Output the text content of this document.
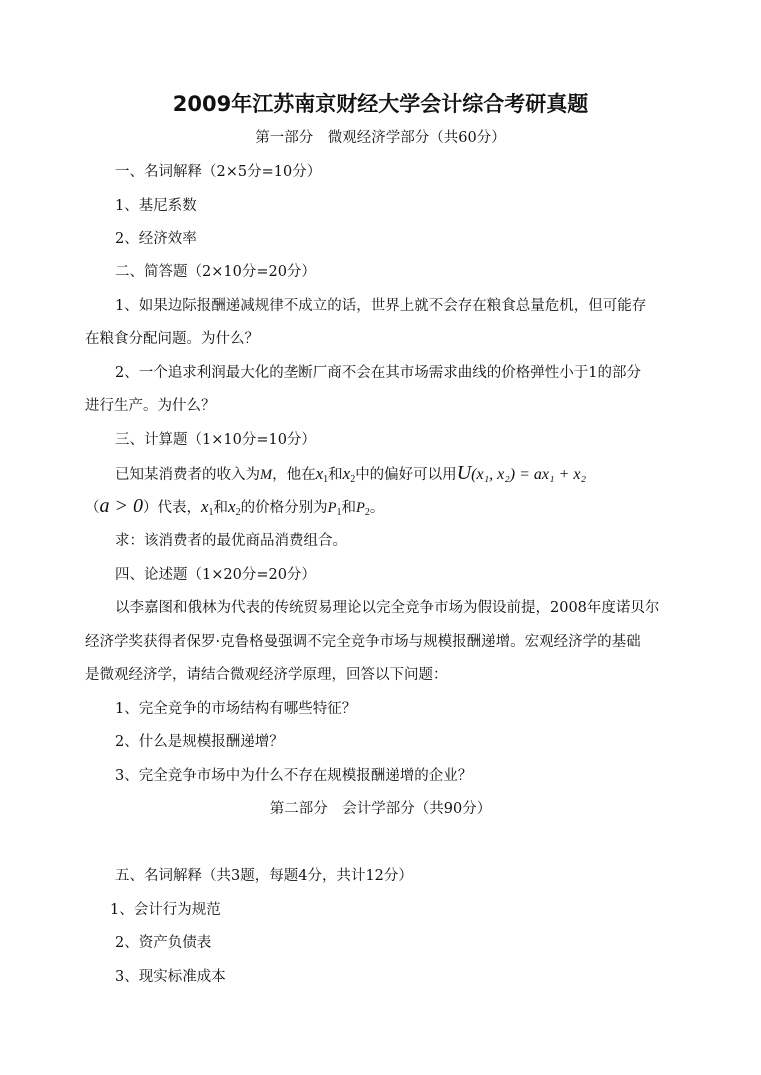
2009年江苏南京财经大学会计综合考研真题
第一部分　微观经济学部分（共60分）
一、名词解释（2×5分=10分）
1、基尼系数
2、经济效率
二、简答题（2×10分=20分）
1、如果边际报酬递减规律不成立的话，世界上就不会存在粮食总量危机，但可能存
在粮食分配问题。为什么？
2、一个追求利润最大化的垄断厂商不会在其市场需求曲线的价格弹性小于1的部分
进行生产。为什么？
三、计算题（1×10分=10分）
已知某消费者的收入为M，他在$x_1$和$x_2$中的偏好可以用U(x₁, x₂) = ax₁ + x₂
（a > 0）代表，$x_1$和$x_2$的价格分别为$P_1$和$P_2$。
求：该消费者的最优商品消费组合。
四、论述题（1×20分=20分）
以李嘉图和俄林为代表的传统贸易理论以完全竞争市场为假设前提，2008年度诺贝尔
经济学奖获得者保罗·克鲁格曼强调不完全竞争市场与规模报酬递增。宏观经济学的基础
是微观经济学，请结合微观经济学原理，回答以下问题：
1、完全竞争的市场结构有哪些特征？
2、什么是规模报酬递增？
3、完全竞争市场中为什么不存在规模报酬递增的企业？
第二部分　会计学部分（共90分）
五、名词解释（共3题，每题4分，共计12分）
1、会计行为规范
2、资产负债表
3、现实标准成本
